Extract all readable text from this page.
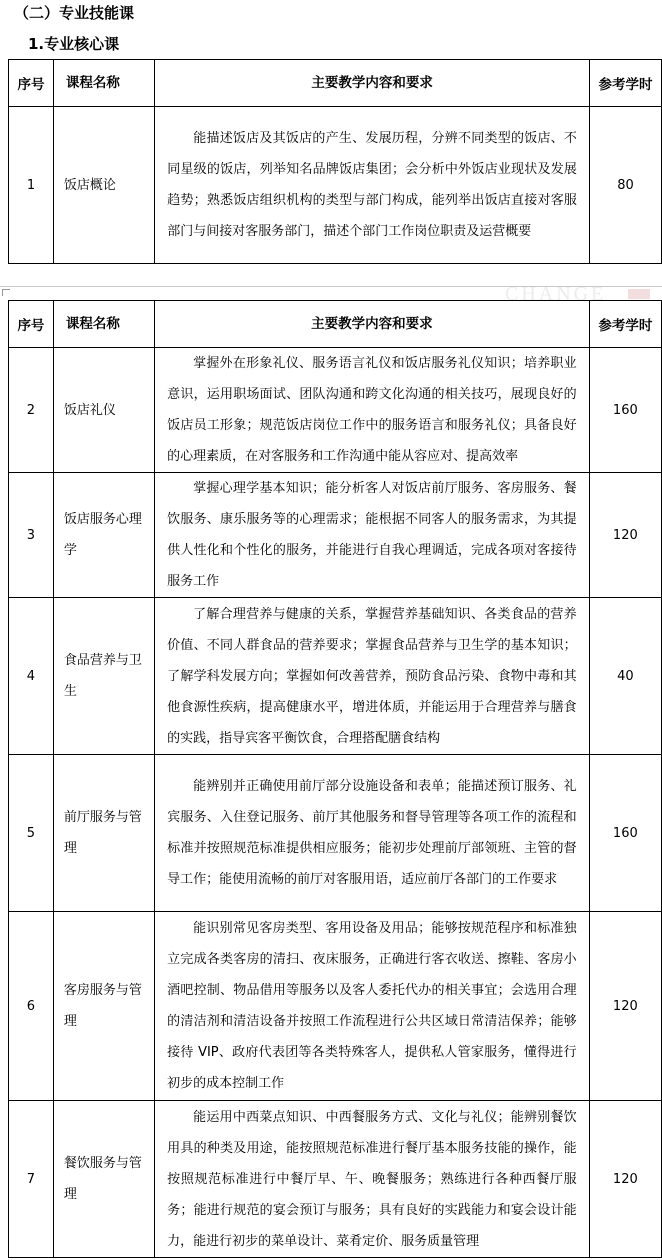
（二）专业技能课
1.专业核心课
序号	课程名称	主要教学内容和要求	参考学时
1	饭店概论	能描述饭店及其饭店的产生、发展历程，分辨不同类型的饭店、不同星级的饭店，列举知名品牌饭店集团；会分析中外饭店业现状及发展趋势；熟悉饭店组织机构的类型与部门构成，能列举出饭店直接对客服部门与间接对客服务部门，描述个部门工作岗位职责及运营概要	80
CHANGE
序号	课程名称	主要教学内容和要求	参考学时
2	饭店礼仪	掌握外在形象礼仪、服务语言礼仪和饭店服务礼仪知识；培养职业意识，运用职场面试、团队沟通和跨文化沟通的相关技巧，展现良好的饭店员工形象；规范饭店岗位工作中的服务语言和服务礼仪；具备良好的心理素质，在对客服务和工作沟通中能从容应对、提高效率	160
3	饭店服务心理学	掌握心理学基本知识；能分析客人对饭店前厅服务、客房服务、餐饮服务、康乐服务等的心理需求；能根据不同客人的服务需求，为其提供人性化和个性化的服务，并能进行自我心理调适，完成各项对客接待服务工作	120
4	食品营养与卫生	了解合理营养与健康的关系，掌握营养基础知识、各类食品的营养价值、不同人群食品的营养要求；掌握食品营养与卫生学的基本知识；了解学科发展方向；掌握如何改善营养，预防食品污染、食物中毒和其他食源性疾病，提高健康水平，增进体质，并能运用于合理营养与膳食的实践，指导宾客平衡饮食，合理搭配膳食结构	40
5	前厅服务与管理	能辨别并正确使用前厅部分设施设备和表单；能描述预订服务、礼宾服务、入住登记服务、前厅其他服务和督导管理等各项工作的流程和标准并按照规范标准提供相应服务；能初步处理前厅部领班、主管的督导工作；能使用流畅的前厅对客服用语，适应前厅各部门的工作要求	160
6	客房服务与管理	能识别常见客房类型、客用设备及用品；能够按规范程序和标准独立完成各类客房的清扫、夜床服务，正确进行客衣收送、擦鞋、客房小酒吧控制、物品借用等服务以及客人委托代办的相关事宜；会选用合理的清洁剂和清洁设备并按照工作流程进行公共区域日常清洁保养；能够接待 VIP、政府代表团等各类特殊客人，提供私人管家服务，懂得进行初步的成本控制工作	120
7	餐饮服务与管理	能运用中西菜点知识、中西餐服务方式、文化与礼仪；能辨别餐饮用具的种类及用途，能按照规范标准进行餐厅基本服务技能的操作，能按照规范标准进行中餐厅早、午、晚餐服务；熟练进行各种西餐厅服务；能进行规范的宴会预订与服务；具有良好的实践能力和宴会设计能力，能进行初步的菜单设计、菜肴定价、服务质量管理	120
